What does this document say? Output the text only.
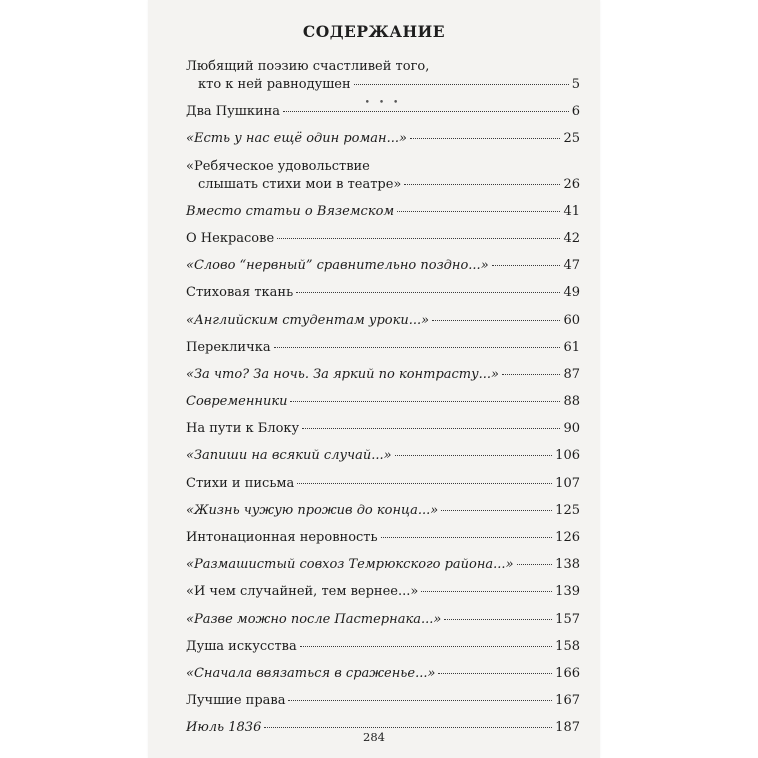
СОДЕРЖАНИЕ
• • •
Любящий поэзию счастливей того,
кто к ней равнодушен	5
Два Пушкина	6
«Есть у нас ещё один роман...»	25
«Ребяческое удовольствие
слышать стихи мои в театре»	26
Вместо статьи о Вяземском	41
О Некрасове	42
«Слово “нервный” сравнительно поздно...»	47
Стиховая ткань	49
«Английским студентам уроки...»	60
Перекличка	61
«За что? За ночь. За яркий по контрасту...»	87
Современники	88
На пути к Блоку	90
«Запиши на всякий случай...»	106
Стихи и письма	107
«Жизнь чужую прожив до конца...»	125
Интонационная неровность	126
«Размашистый совхоз Темрюкского района...»	138
«И чем случайней, тем вернее...»	139
«Разве можно после Пастернака...»	157
Душа искусства	158
«Сначала ввязаться в сраженье...»	166
Лучшие права	167
Июль 1836	187
284
